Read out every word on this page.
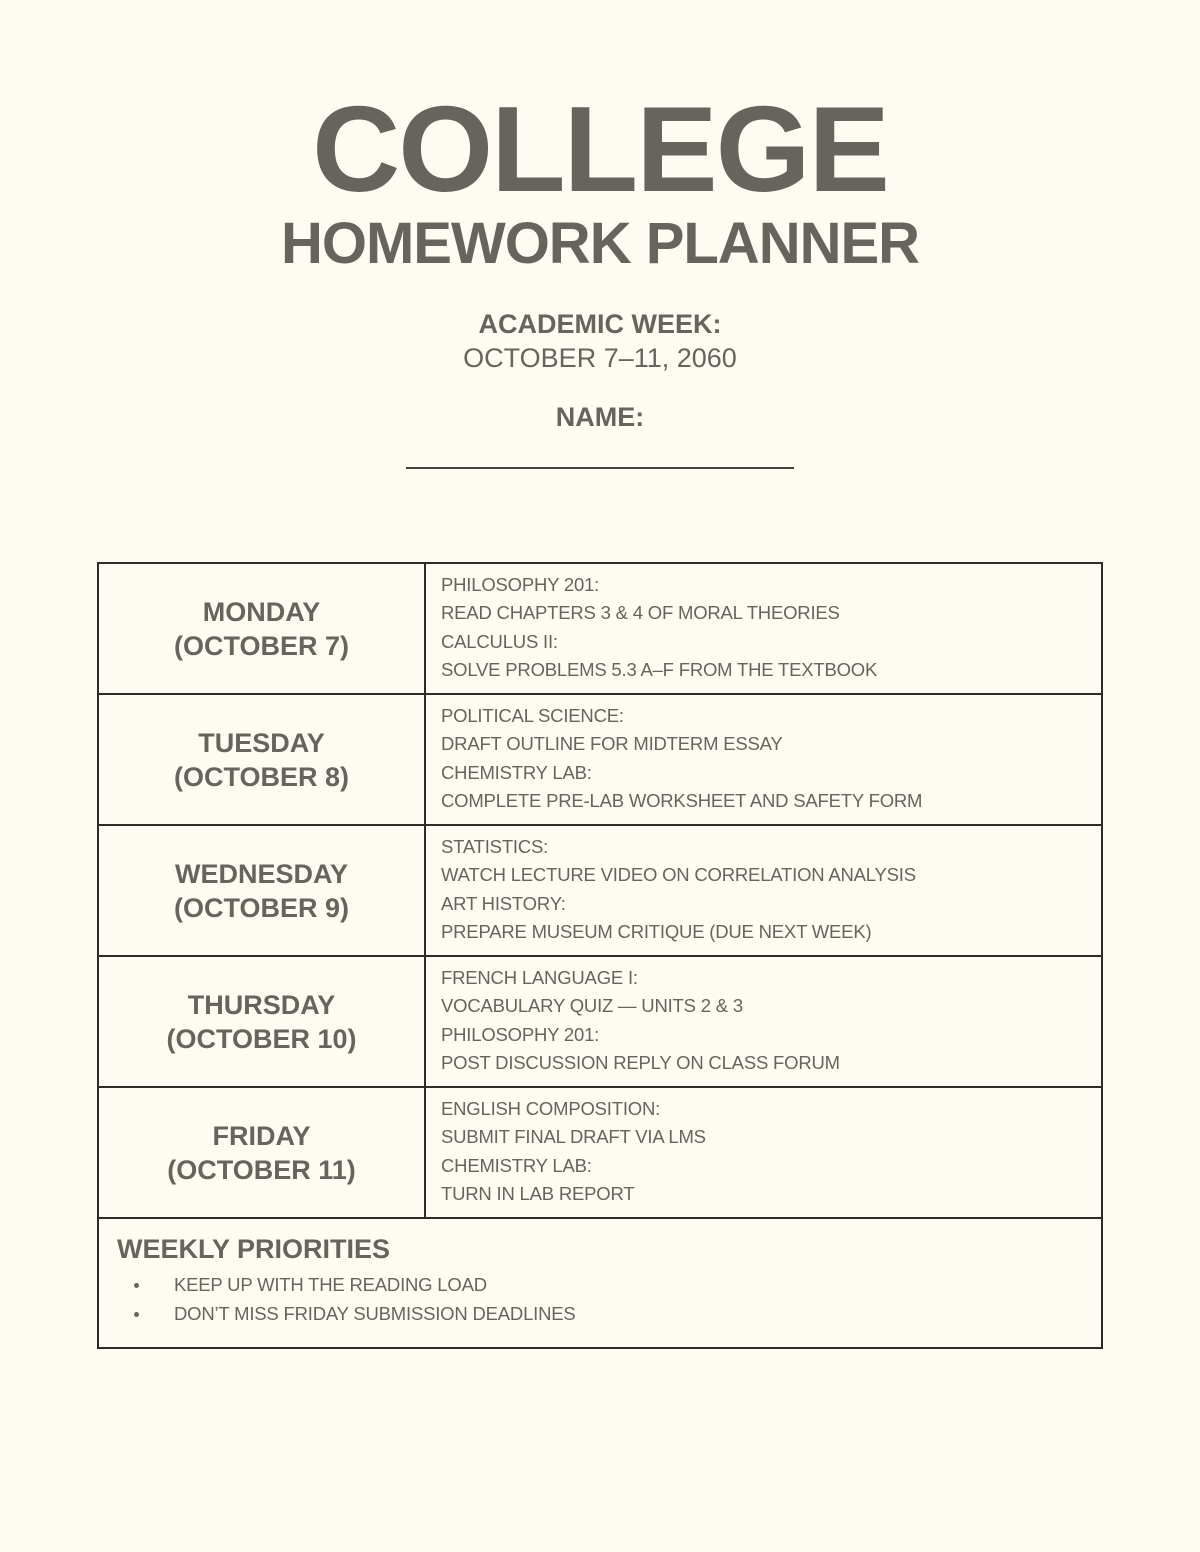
COLLEGE
HOMEWORK PLANNER
ACADEMIC WEEK:
OCTOBER 7–11, 2060
NAME:
MONDAY
(OCTOBER 7)
PHILOSOPHY 201:
READ CHAPTERS 3 & 4 OF MORAL THEORIES
CALCULUS II:
SOLVE PROBLEMS 5.3 A–F FROM THE TEXTBOOK
TUESDAY
(OCTOBER 8)
POLITICAL SCIENCE:
DRAFT OUTLINE FOR MIDTERM ESSAY
CHEMISTRY LAB:
COMPLETE PRE-LAB WORKSHEET AND SAFETY FORM
WEDNESDAY
(OCTOBER 9)
STATISTICS:
WATCH LECTURE VIDEO ON CORRELATION ANALYSIS
ART HISTORY:
PREPARE MUSEUM CRITIQUE (DUE NEXT WEEK)
THURSDAY
(OCTOBER 10)
FRENCH LANGUAGE I:
VOCABULARY QUIZ — UNITS 2 & 3
PHILOSOPHY 201:
POST DISCUSSION REPLY ON CLASS FORUM
FRIDAY
(OCTOBER 11)
ENGLISH COMPOSITION:
SUBMIT FINAL DRAFT VIA LMS
CHEMISTRY LAB:
TURN IN LAB REPORT
WEEKLY PRIORITIES
KEEP UP WITH THE READING LOAD
DON’T MISS FRIDAY SUBMISSION DEADLINES
